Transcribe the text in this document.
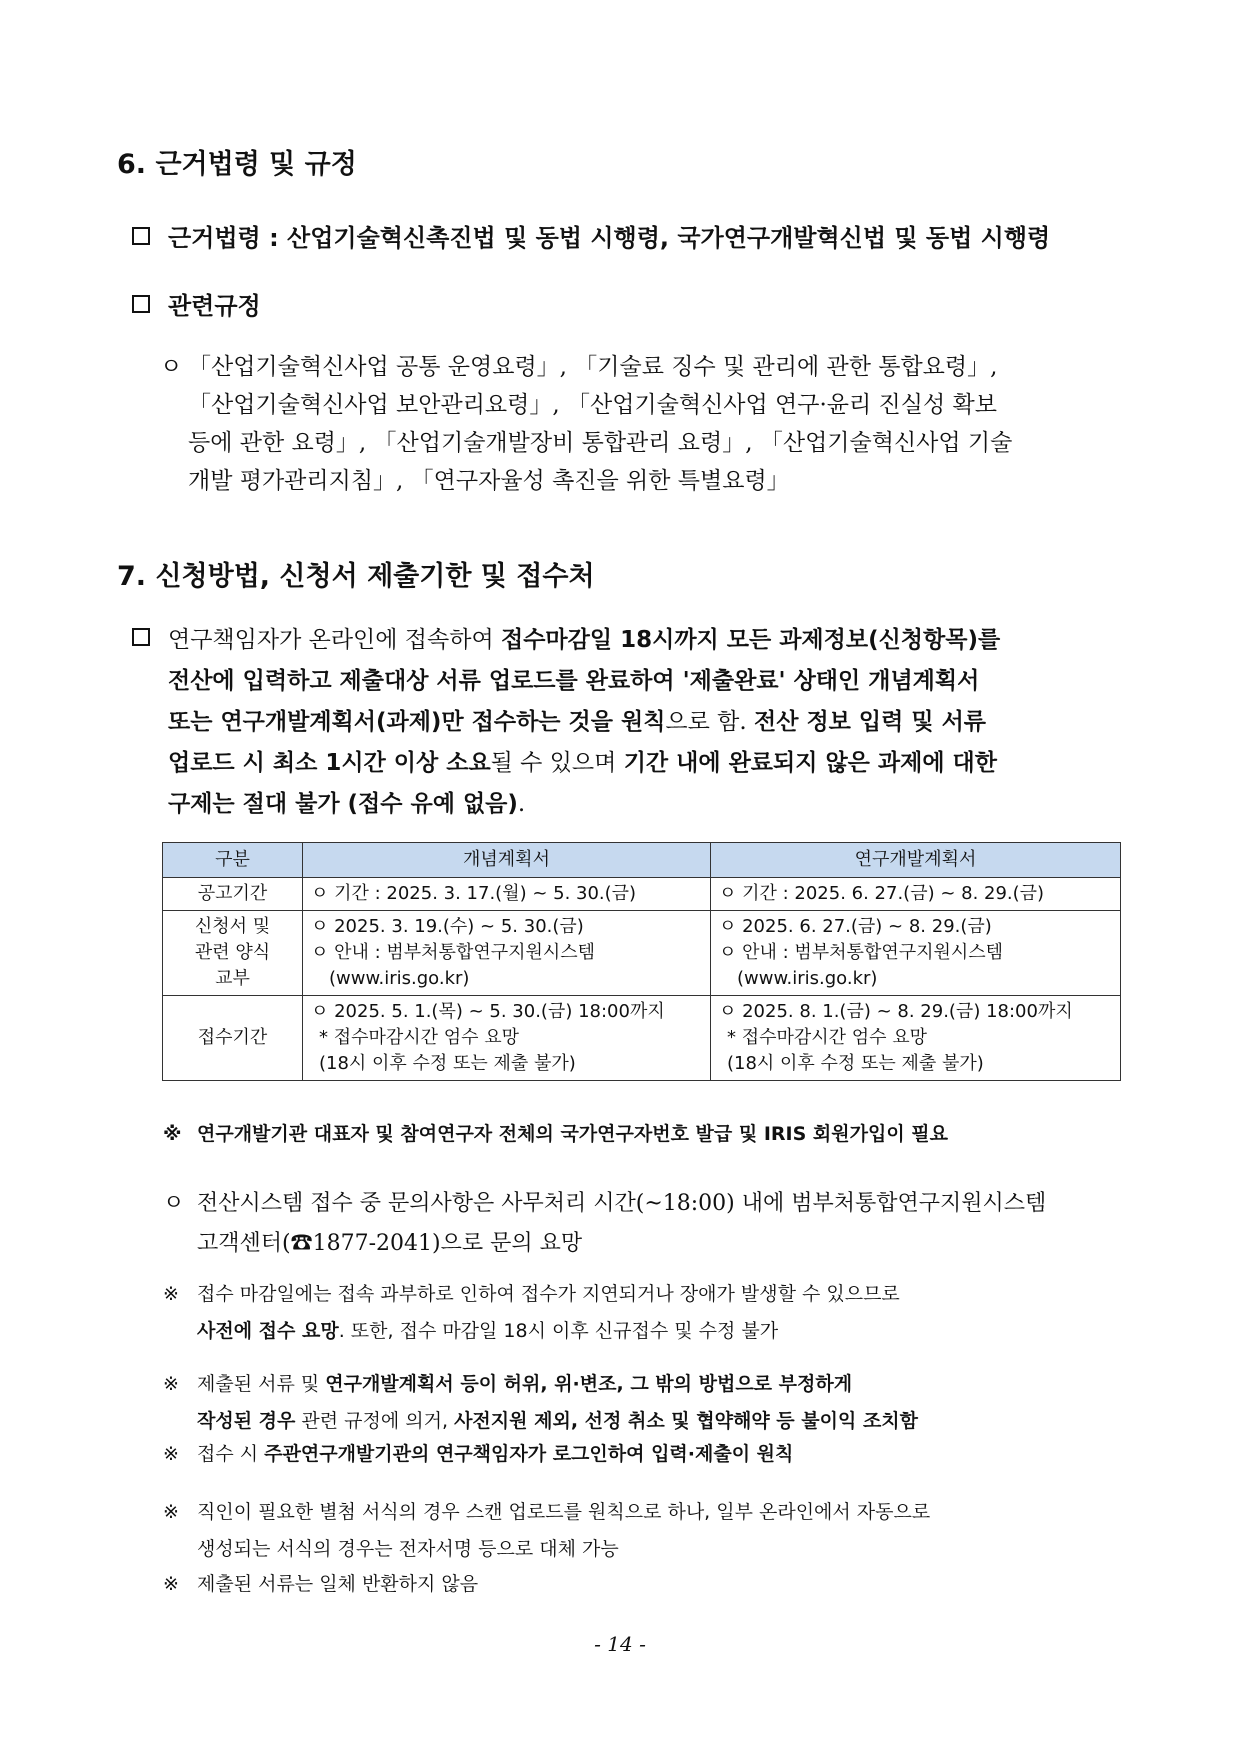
6. 근거법령 및 규정
근거법령 : 산업기술혁신촉진법 및 동법 시행령, 국가연구개발혁신법 및 동법 시행령
관련규정
ㅇ 「산업기술혁신사업 공통 운영요령」, 「기술료 징수 및 관리에 관한 통합요령」,
「산업기술혁신사업 보안관리요령」, 「산업기술혁신사업 연구·윤리 진실성 확보
등에 관한 요령」, 「산업기술개발장비 통합관리 요령」, 「산업기술혁신사업 기술
개발 평가관리지침」, 「연구자율성 촉진을 위한 특별요령」
7. 신청방법, 신청서 제출기한 및 접수처
연구책임자가 온라인에 접속하여 접수마감일 18시까지 모든 과제정보(신청항목)를
전산에 입력하고 제출대상 서류 업로드를 완료하여 '제출완료' 상태인 개념계획서
또는 연구개발계획서(과제)만 접수하는 것을 원칙으로 함. 전산 정보 입력 및 서류
업로드 시 최소 1시간 이상 소요될 수 있으며 기간 내에 완료되지 않은 과제에 대한
구제는 절대 불가 (접수 유예 없음).
구분	개념계획서	연구개발계획서
공고기간	ㅇ 기간 : 2025. 3. 17.(월) ~ 5. 30.(금)	ㅇ 기간 : 2025. 6. 27.(금) ~ 8. 29.(금)

신청서 및
관련 양식
교부	ㅇ 2025. 3. 19.(수) ~ 5. 30.(금)
ㅇ 안내 : 범부처통합연구지원시스템
(www.iris.go.kr)	ㅇ 2025. 6. 27.(금) ~ 8. 29.(금)
ㅇ 안내 : 범부처통합연구지원시스템
(www.iris.go.kr)

접수기간	ㅇ 2025. 5. 1.(목) ~ 5. 30.(금) 18:00까지
* 접수마감시간 엄수 요망
(18시 이후 수정 또는 제출 불가)	ㅇ 2025. 8. 1.(금) ~ 8. 29.(금) 18:00까지
* 접수마감시간 엄수 요망
(18시 이후 수정 또는 제출 불가)
※ 연구개발기관 대표자 및 참여연구자 전체의 국가연구자번호 발급 및 IRIS 회원가입이 필요
ㅇ 전산시스템 접수 중 문의사항은 사무처리 시간(~18:00) 내에 범부처통합연구지원시스템
고객센터(☎1877-2041)으로 문의 요망
※ 접수 마감일에는 접속 과부하로 인하여 접수가 지연되거나 장애가 발생할 수 있으므로
사전에 접수 요망. 또한, 접수 마감일 18시 이후 신규접수 및 수정 불가
※ 제출된 서류 및 연구개발계획서 등이 허위, 위·변조, 그 밖의 방법으로 부정하게
작성된 경우 관련 규정에 의거, 사전지원 제외, 선정 취소 및 협약해약 등 불이익 조치함
※ 접수 시 주관연구개발기관의 연구책임자가 로그인하여 입력·제출이 원칙
※ 직인이 필요한 별첨 서식의 경우 스캔 업로드를 원칙으로 하나, 일부 온라인에서 자동으로
생성되는 서식의 경우는 전자서명 등으로 대체 가능
※ 제출된 서류는 일체 반환하지 않음
- 14 -
